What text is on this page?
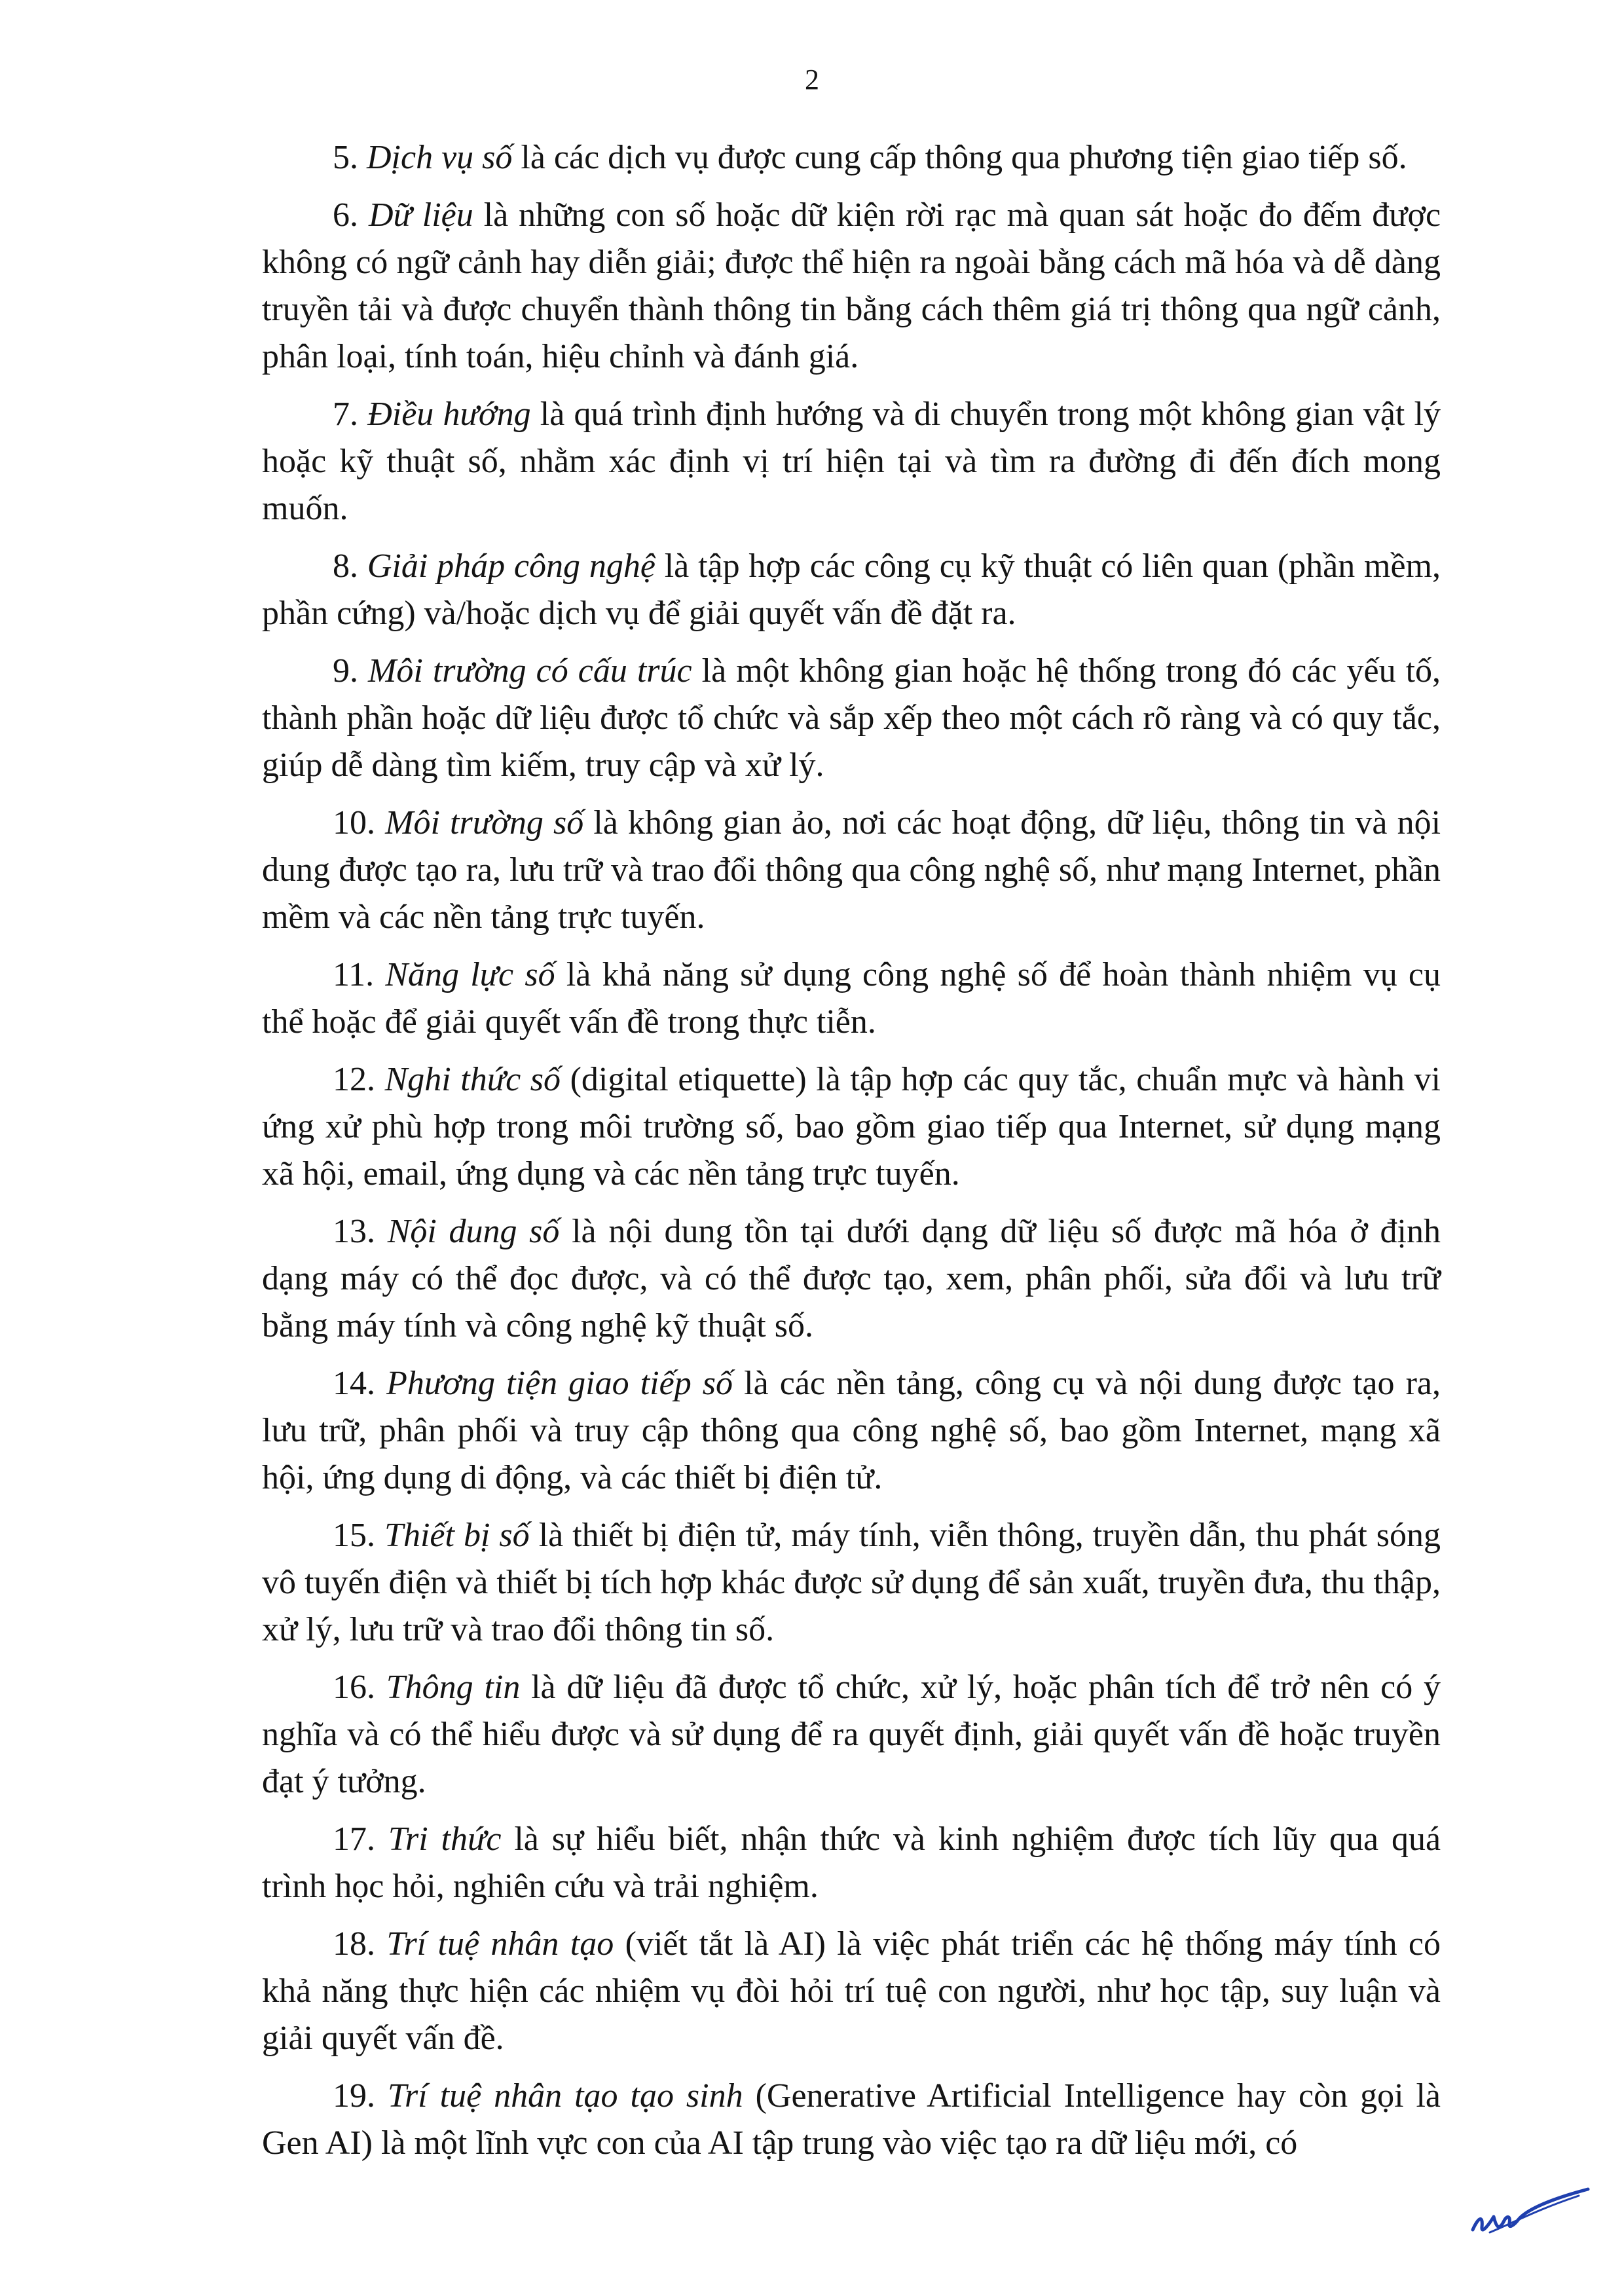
2

5. Dịch vụ số là các dịch vụ được cung cấp thông qua phương tiện giao tiếp số.

6. Dữ liệu là những con số hoặc dữ kiện rời rạc mà quan sát hoặc đo đếm được không có ngữ cảnh hay diễn giải; được thể hiện ra ngoài bằng cách mã hóa và dễ dàng truyền tải và được chuyển thành thông tin bằng cách thêm giá trị thông qua ngữ cảnh, phân loại, tính toán, hiệu chỉnh và đánh giá.

7. Điều hướng là quá trình định hướng và di chuyển trong một không gian vật lý hoặc kỹ thuật số, nhằm xác định vị trí hiện tại và tìm ra đường đi đến đích mong muốn.

8. Giải pháp công nghệ là tập hợp các công cụ kỹ thuật có liên quan (phần mềm, phần cứng) và/hoặc dịch vụ để giải quyết vấn đề đặt ra.

9. Môi trường có cấu trúc là một không gian hoặc hệ thống trong đó các yếu tố, thành phần hoặc dữ liệu được tổ chức và sắp xếp theo một cách rõ ràng và có quy tắc, giúp dễ dàng tìm kiếm, truy cập và xử lý.

10. Môi trường số là không gian ảo, nơi các hoạt động, dữ liệu, thông tin và nội dung được tạo ra, lưu trữ và trao đổi thông qua công nghệ số, như mạng Internet, phần mềm và các nền tảng trực tuyến.

11. Năng lực số là khả năng sử dụng công nghệ số để hoàn thành nhiệm vụ cụ thể hoặc để giải quyết vấn đề trong thực tiễn.

12. Nghi thức số (digital etiquette) là tập hợp các quy tắc, chuẩn mực và hành vi ứng xử phù hợp trong môi trường số, bao gồm giao tiếp qua Internet, sử dụng mạng xã hội, email, ứng dụng và các nền tảng trực tuyến.

13. Nội dung số là nội dung tồn tại dưới dạng dữ liệu số được mã hóa ở định dạng máy có thể đọc được, và có thể được tạo, xem, phân phối, sửa đổi và lưu trữ bằng máy tính và công nghệ kỹ thuật số.

14. Phương tiện giao tiếp số là các nền tảng, công cụ và nội dung được tạo ra, lưu trữ, phân phối và truy cập thông qua công nghệ số, bao gồm Internet, mạng xã hội, ứng dụng di động, và các thiết bị điện tử.

15. Thiết bị số là thiết bị điện tử, máy tính, viễn thông, truyền dẫn, thu phát sóng vô tuyến điện và thiết bị tích hợp khác được sử dụng để sản xuất, truyền đưa, thu thập, xử lý, lưu trữ và trao đổi thông tin số.

16. Thông tin là dữ liệu đã được tổ chức, xử lý, hoặc phân tích để trở nên có ý nghĩa và có thể hiểu được và sử dụng để ra quyết định, giải quyết vấn đề hoặc truyền đạt ý tưởng.

17. Tri thức là sự hiểu biết, nhận thức và kinh nghiệm được tích lũy qua quá trình học hỏi, nghiên cứu và trải nghiệm.

18. Trí tuệ nhân tạo (viết tắt là AI) là việc phát triển các hệ thống máy tính có khả năng thực hiện các nhiệm vụ đòi hỏi trí tuệ con người, như học tập, suy luận và giải quyết vấn đề.

19. Trí tuệ nhân tạo tạo sinh (Generative Artificial Intelligence hay còn gọi là Gen AI) là một lĩnh vực con của AI tập trung vào việc tạo ra dữ liệu mới, có
